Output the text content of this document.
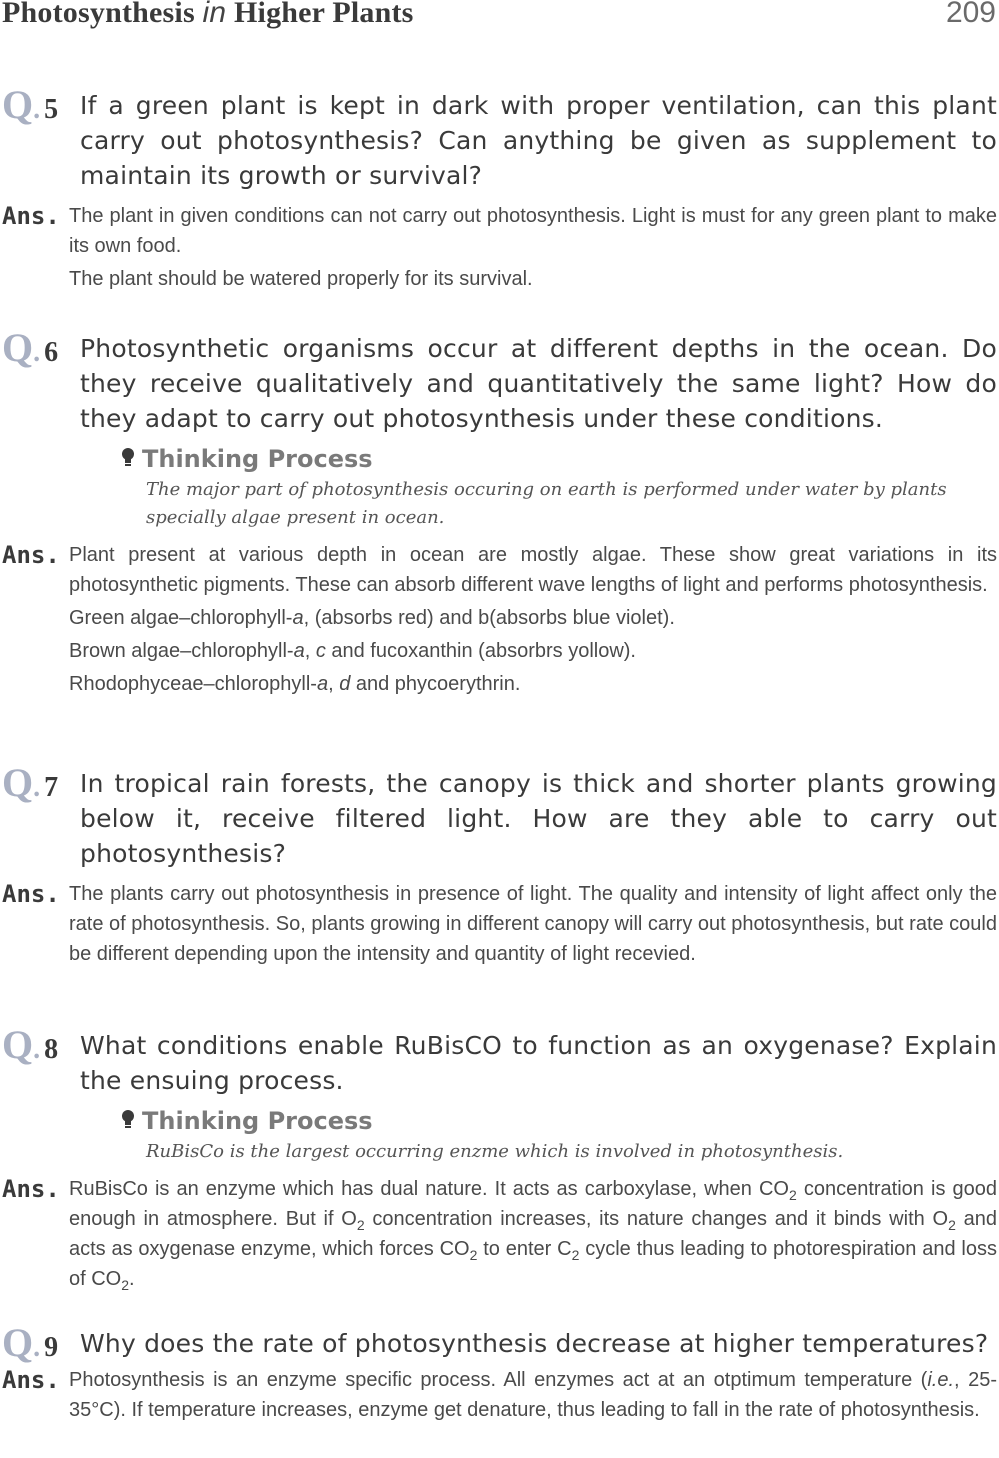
Photosynthesis in Higher Plants	209
Q. 5 If a green plant is kept in dark with proper ventilation, can this plant carry out photosynthesis? Can anything be given as supplement to maintain its growth or survival?
Ans. The plant in given conditions can not carry out photosynthesis. Light is must for any green plant to make its own food.

The plant should be watered properly for its survival.

Q. 6 Photosynthetic organisms occur at different depths in the ocean. Do they receive qualitatively and quantitatively the same light? How do they adapt to carry out photosynthesis under these conditions.
Thinking Process
The major part of photosynthesis occuring on earth is performed under water by plants specially algae present in ocean.
Ans. Plant present at various depth in ocean are mostly algae. These show great variations in its photosynthetic pigments. These can absorb different wave lengths of light and performs photosynthesis.

Green algae–chlorophyll-a, (absorbs red) and b(absorbs blue violet).

Brown algae–chlorophyll-a, c and fucoxanthin (absorbrs yollow).

Rhodophyceae–chlorophyll-a, d and phycoerythrin.

Q. 7 In tropical rain forests, the canopy is thick and shorter plants growing below it, receive filtered light. How are they able to carry out photosynthesis?
Ans. The plants carry out photosynthesis in presence of light. The quality and intensity of light affect only the rate of photosynthesis. So, plants growing in different canopy will carry out photosynthesis, but rate could be different depending upon the intensity and quantity of light recevied.

Q. 8 What conditions enable RuBisCO to function as an oxygenase? Explain the ensuing process.
Thinking Process
RuBisCo is the largest occurring enzme which is involved in photosynthesis.
Ans. RuBisCo is an enzyme which has dual nature. It acts as carboxylase, when $CO_2$ concentration is good enough in atmosphere. But if $O_2$ concentration increases, its nature changes and it binds with $O_2$ and acts as oxygenase enzyme, which forces $CO_2$ to enter $C_2$ cycle thus leading to photorespiration and loss of $CO_2$.

Q. 9 Why does the rate of photosynthesis decrease at higher temperatures?
Ans. Photosynthesis is an enzyme specific process. All enzymes act at an otptimum temperature (i.e., 25-35°C). If temperature increases, enzyme get denature, thus leading to fall in the rate of photosynthesis.
